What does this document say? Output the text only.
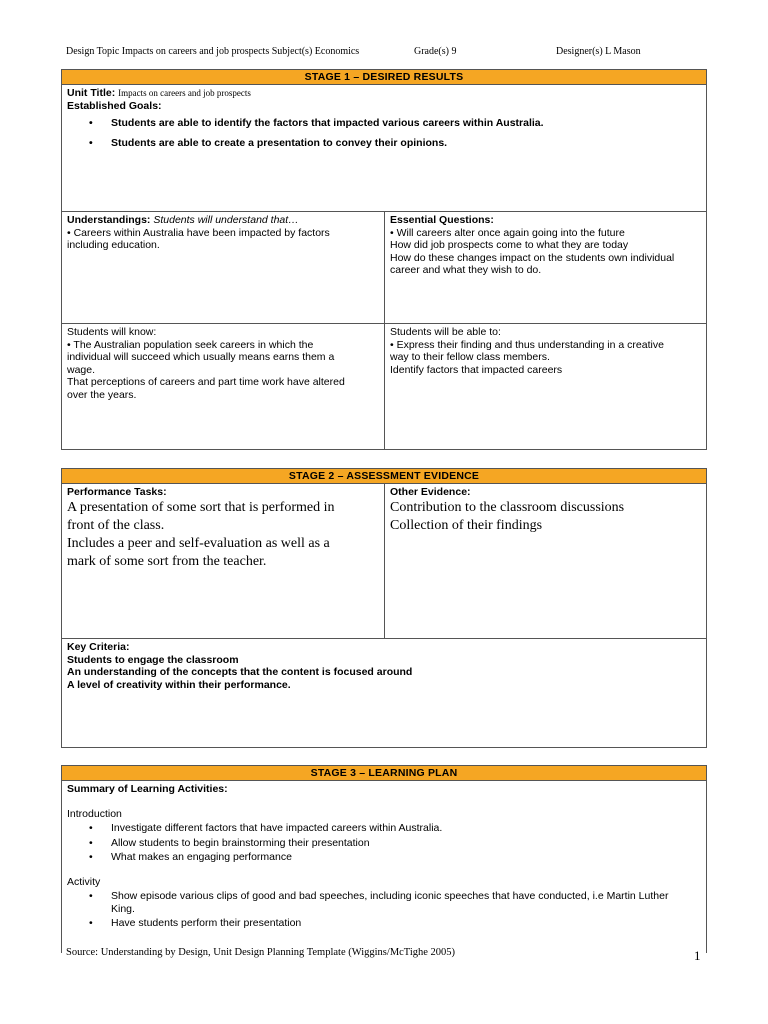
Design Topic Impacts on careers and job prospects Subject(s) Economics	Grade(s) 9	Designer(s) L Mason
STAGE 1 – DESIRED RESULTS
Unit Title: Impacts on careers and job prospects
Established Goals:
• Students are able to identify the factors that impacted various careers within Australia.
• Students are able to create a presentation to convey their opinions.
Understandings: Students will understand that…
• Careers within Australia have been impacted by factors
including education.
Essential Questions:
• Will careers alter once again going into the future
How did job prospects come to what they are today
How do these changes impact on the students own individual
career and what they wish to do.
Students will know:
• The Australian population seek careers in which the
individual will succeed which usually means earns them a
wage.
That perceptions of careers and part time work have altered
over the years.
Students will be able to:
• Express their finding and thus understanding in a creative
way to their fellow class members.
Identify factors that impacted careers
STAGE 2 – ASSESSMENT EVIDENCE
Performance Tasks:
A presentation of some sort that is performed in
front of the class.
Includes a peer and self-evaluation as well as a
mark of some sort from the teacher.
Other Evidence:
Contribution to the classroom discussions
Collection of their findings
Key Criteria:
Students to engage the classroom
An understanding of the concepts that the content is focused around
A level of creativity within their performance.
STAGE 3 – LEARNING PLAN
Summary of Learning Activities:
Introduction
• Investigate different factors that have impacted careers within Australia.
• Allow students to begin brainstorming their presentation
• What makes an engaging performance
Activity
• Show episode various clips of good and bad speeches, including iconic speeches that have conducted, i.e Martin Luther King.
• Have students perform their presentation
Source: Understanding by Design, Unit Design Planning Template (Wiggins/McTighe 2005)	1
